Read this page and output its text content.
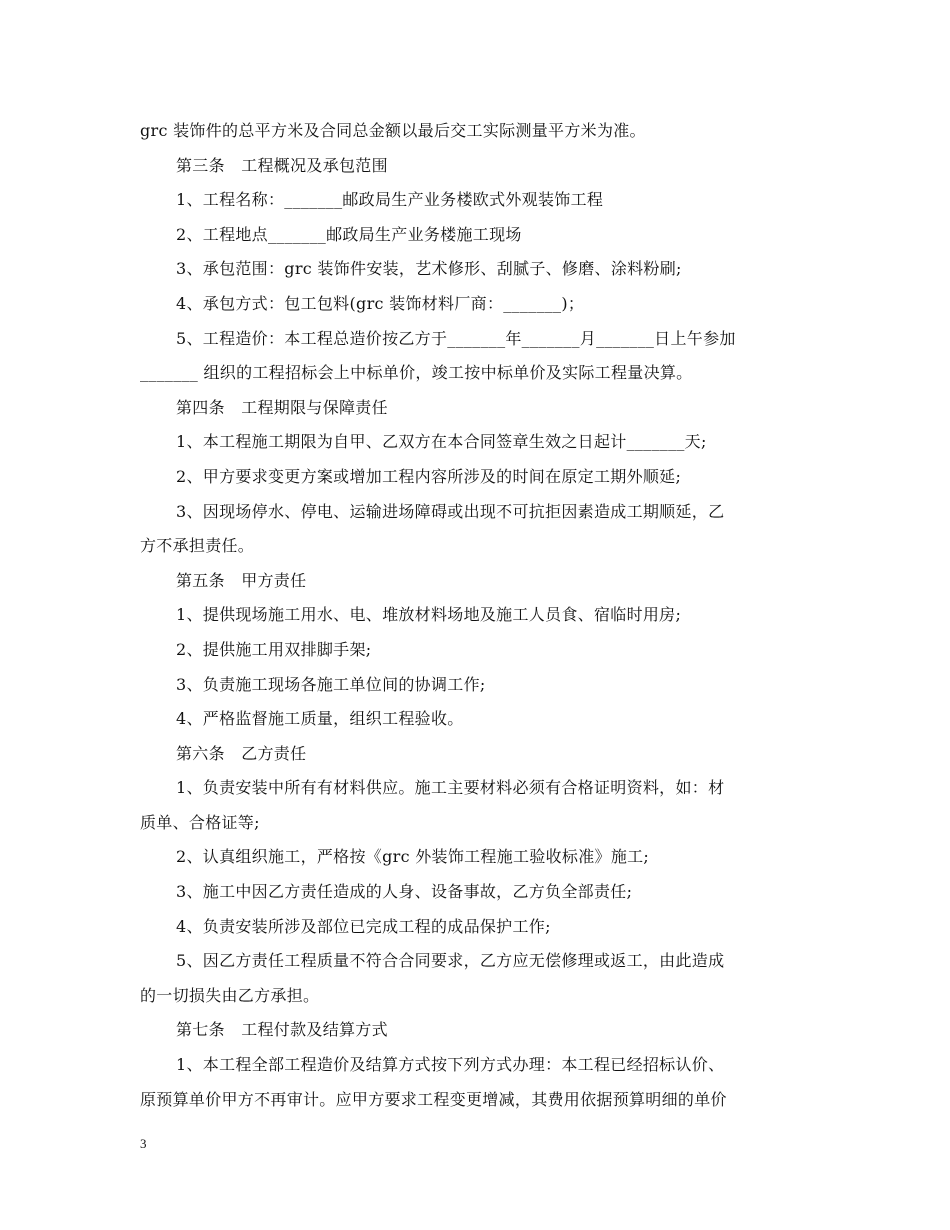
grc 装饰件的总平方米及合同总金额以最后交工实际测量平方米为准。
第三条　工程概况及承包范围
1、工程名称：_______邮政局生产业务楼欧式外观装饰工程
2、工程地点_______邮政局生产业务楼施工现场
3、承包范围：grc 装饰件安装，艺术修形、刮腻子、修磨、涂料粉刷;
4、承包方式：包工包料(grc 装饰材料厂商：_______)；
5、工程造价：本工程总造价按乙方于_______年_______月_______日上午参加
_______ 组织的工程招标会上中标单价，竣工按中标单价及实际工程量决算。
第四条　工程期限与保障责任
1、本工程施工期限为自甲、乙双方在本合同签章生效之日起计_______天;
2、甲方要求变更方案或增加工程内容所涉及的时间在原定工期外顺延;
3、因现场停水、停电、运输进场障碍或出现不可抗拒因素造成工期顺延，乙
方不承担责任。
第五条　甲方责任
1、提供现场施工用水、电、堆放材料场地及施工人员食、宿临时用房;
2、提供施工用双排脚手架;
3、负责施工现场各施工单位间的协调工作;
4、严格监督施工质量，组织工程验收。
第六条　乙方责任
1、负责安装中所有有材料供应。施工主要材料必须有合格证明资料，如：材
质单、合格证等;
2、认真组织施工，严格按《grc 外装饰工程施工验收标准》施工;
3、施工中因乙方责任造成的人身、设备事故，乙方负全部责任;
4、负责安装所涉及部位已完成工程的成品保护工作;
5、因乙方责任工程质量不符合合同要求，乙方应无偿修理或返工，由此造成
的一切损失由乙方承担。
第七条　工程付款及结算方式
1、本工程全部工程造价及结算方式按下列方式办理：本工程已经招标认价、
原预算单价甲方不再审计。应甲方要求工程变更增减，其费用依据预算明细的单价
3
